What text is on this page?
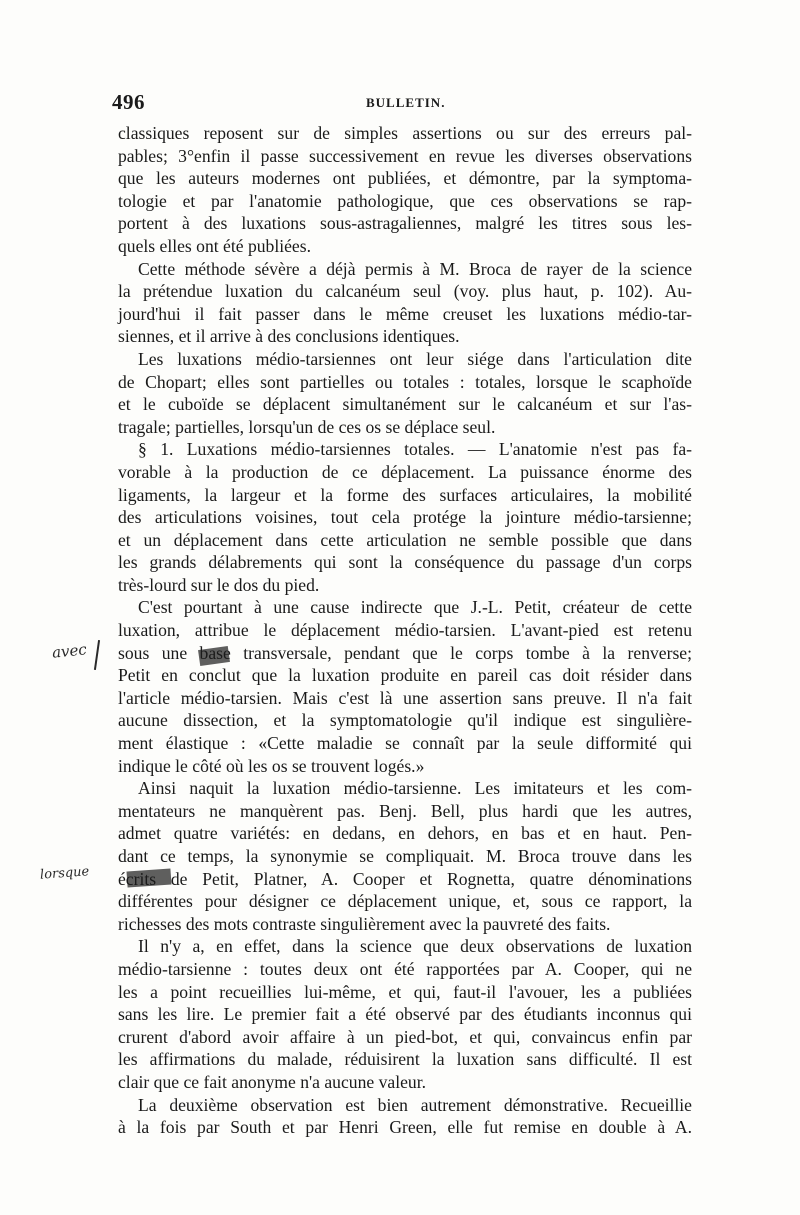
496	BULLETIN.
avec
lorsque
classiques reposent sur de simples assertions ou sur des erreurs pal-
pables; 3°enfin il passe successivement en revue les diverses observations
que les auteurs modernes ont publiées, et démontre, par la symptoma-
tologie et par l'anatomie pathologique, que ces observations se rap-
portent à des luxations sous-astragaliennes, malgré les titres sous les-
quels elles ont été publiées.
Cette méthode sévère a déjà permis à M. Broca de rayer de la science
la prétendue luxation du calcanéum seul (voy. plus haut, p. 102). Au-
jourd'hui il fait passer dans le même creuset les luxations médio-tar-
siennes, et il arrive à des conclusions identiques.
Les luxations médio-tarsiennes ont leur siége dans l'articulation dite
de Chopart; elles sont partielles ou totales : totales, lorsque le scaphoïde
et le cuboïde se déplacent simultanément sur le calcanéum et sur l'as-
tragale; partielles, lorsqu'un de ces os se déplace seul.
§ 1. Luxations médio-tarsiennes totales. — L'anatomie n'est pas fa-
vorable à la production de ce déplacement. La puissance énorme des
ligaments, la largeur et la forme des surfaces articulaires, la mobilité
des articulations voisines, tout cela protége la jointure médio-tarsienne;
et un déplacement dans cette articulation ne semble possible que dans
les grands délabrements qui sont la conséquence du passage d'un corps
très-lourd sur le dos du pied.
C'est pourtant à une cause indirecte que J.-L. Petit, créateur de cette
luxation, attribue le déplacement médio-tarsien. L'avant-pied est retenu
sous une base transversale, pendant que le corps tombe à la renverse;
Petit en conclut que la luxation produite en pareil cas doit résider dans
l'article médio-tarsien. Mais c'est là une assertion sans preuve. Il n'a fait
aucune dissection, et la symptomatologie qu'il indique est singulière-
ment élastique : «Cette maladie se connaît par la seule difformité qui
indique le côté où les os se trouvent logés.»
Ainsi naquit la luxation médio-tarsienne. Les imitateurs et les com-
mentateurs ne manquèrent pas. Benj. Bell, plus hardi que les autres,
admet quatre variétés: en dedans, en dehors, en bas et en haut. Pen-
dant ce temps, la synonymie se compliquait. M. Broca trouve dans les
écrits de Petit, Platner, A. Cooper et Rognetta, quatre dénominations
différentes pour désigner ce déplacement unique, et, sous ce rapport, la
richesses des mots contraste singulièrement avec la pauvreté des faits.
Il n'y a, en effet, dans la science que deux observations de luxation
médio-tarsienne : toutes deux ont été rapportées par A. Cooper, qui ne
les a point recueillies lui-même, et qui, faut-il l'avouer, les a publiées
sans les lire. Le premier fait a été observé par des étudiants inconnus qui
crurent d'abord avoir affaire à un pied-bot, et qui, convaincus enfin par
les affirmations du malade, réduisirent la luxation sans difficulté. Il est
clair que ce fait anonyme n'a aucune valeur.
La deuxième observation est bien autrement démonstrative. Recueillie
à la fois par South et par Henri Green, elle fut remise en double à A.
